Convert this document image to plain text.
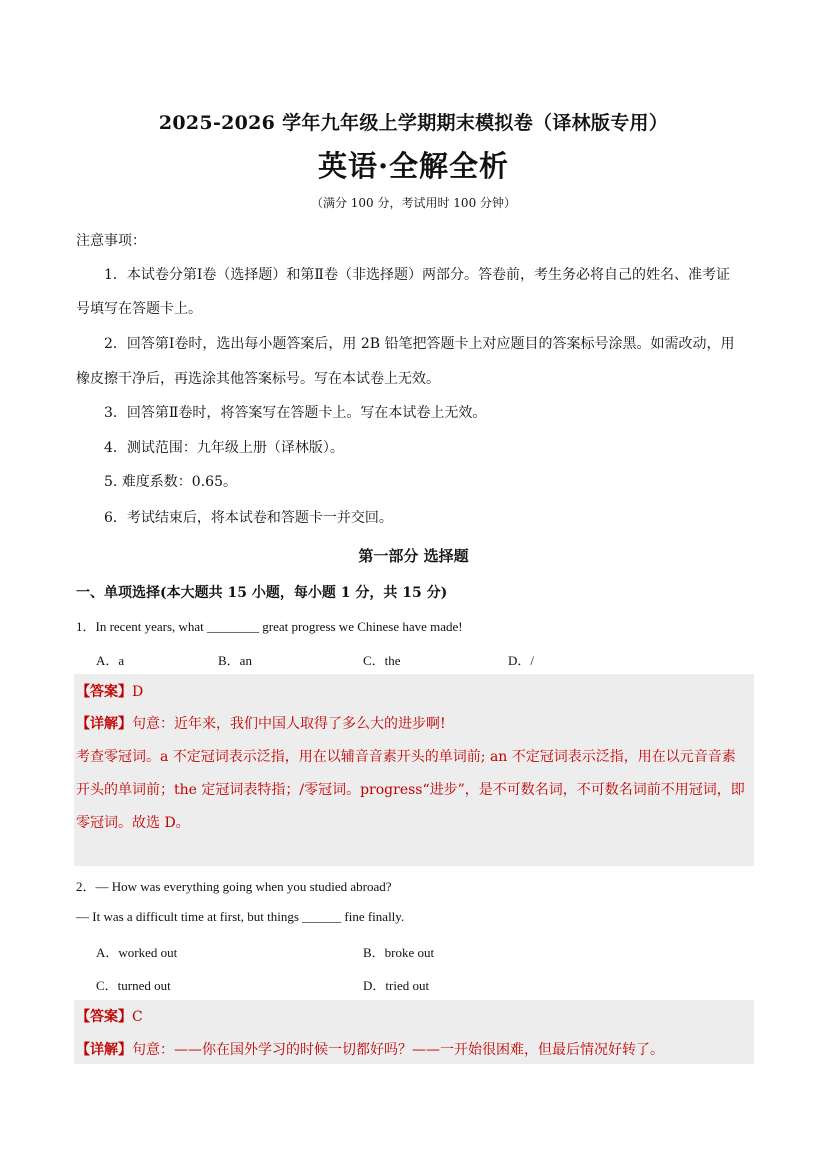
2025-2026 学年九年级上学期期末模拟卷（译林版专用）
英语·全解全析
（满分 100 分，考试用时 100 分钟）
注意事项：
1．本试卷分第Ⅰ卷（选择题）和第Ⅱ卷（非选择题）两部分。答卷前，考生务必将自己的姓名、准考证
号填写在答题卡上。
2．回答第Ⅰ卷时，选出每小题答案后，用 2B 铅笔把答题卡上对应题目的答案标号涂黑。如需改动，用
橡皮擦干净后，再选涂其他答案标号。写在本试卷上无效。
3．回答第Ⅱ卷时，将答案写在答题卡上。写在本试卷上无效。
4．测试范围：九年级上册（译林版）。
5. 难度系数：0.65。
6．考试结束后，将本试卷和答题卡一并交回。
第一部分 选择题
一、单项选择(本大题共 15 小题，每小题 1 分，共 15 分)
1．In recent years, what ________ great progress we Chinese have made!
A．a	B．an	C．the	D．/
【答案】D
【详解】句意：近年来，我们中国人取得了多么大的进步啊!
考查零冠词。a 不定冠词表示泛指，用在以辅音音素开头的单词前; an 不定冠词表示泛指，用在以元音音素
开头的单词前；the 定冠词表特指；/零冠词。progress“进步”，是不可数名词，不可数名词前不用冠词，即
零冠词。故选 D。
2．— How was everything going when you studied abroad?
— It was a difficult time at first, but things ______ fine finally.
A．worked out	B．broke out
C．turned out	D．tried out
【答案】C
【详解】句意：——你在国外学习的时候一切都好吗？——一开始很困难，但最后情况好转了。
